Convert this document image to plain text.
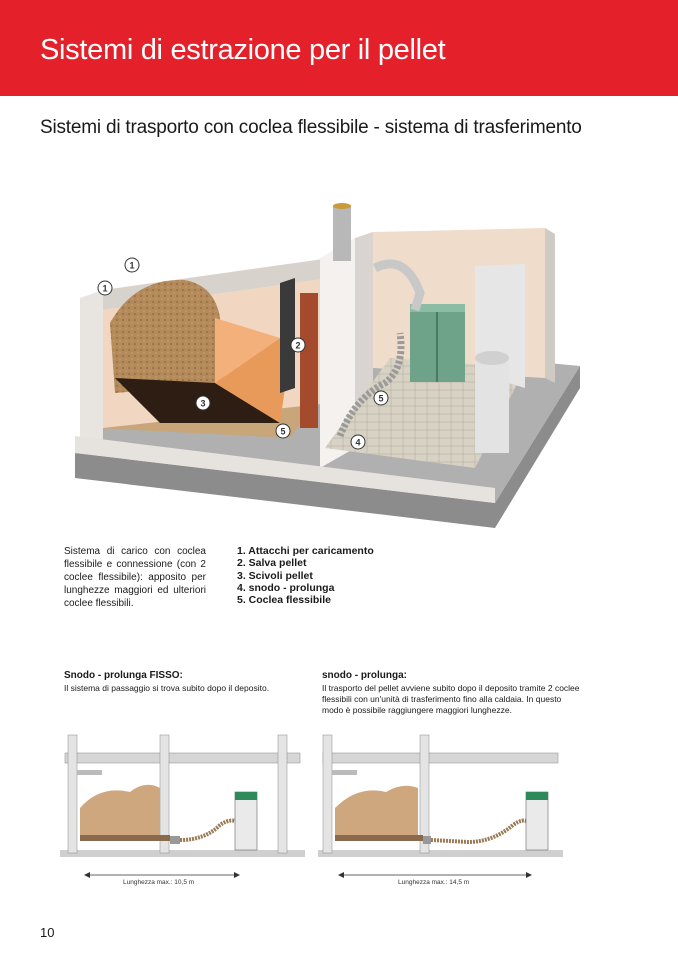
Sistemi di estrazione per il pellet
Sistemi di trasporto con coclea flessibile - sistema di trasferimento
1
1
2
3
4
5
5
Sistema di carico con coclea flessibile e connessione (con 2 coclee flessibile): apposito per lunghezze maggiori ed ulteriori coclee flessibili.
1. Attacchi per caricamento
2. Salva pellet
3. Scivoli pellet
4. snodo - prolunga
5. Coclea flessibile
Snodo - prolunga FISSO:
Il sistema di passaggio si trova subito dopo il deposito.
snodo - prolunga:
Il trasporto del pellet avviene subito dopo il deposito tramite 2 coclee flessibili con un'unità di trasferimento fino alla caldaia. In questo modo è possibile raggiungere maggiori lunghezze.
Lunghezza max.: 10,5 m	Lunghezza max.: 14,5 m
10
